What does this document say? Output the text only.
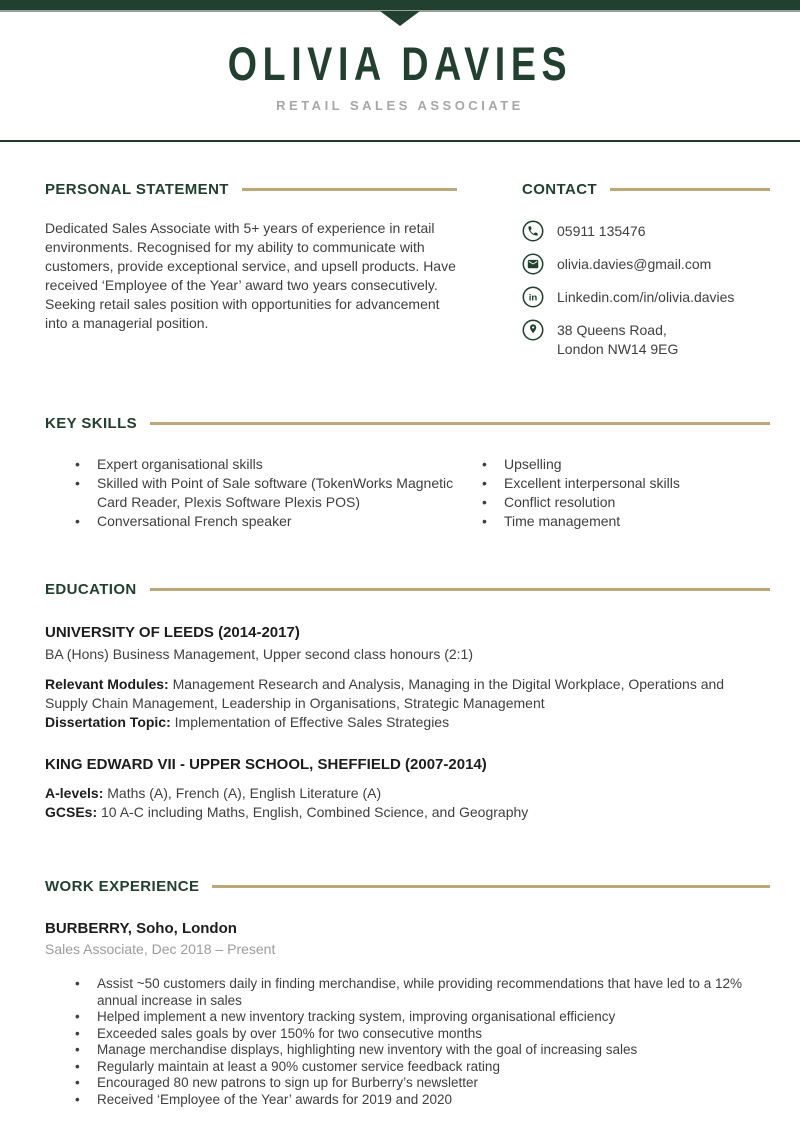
OLIVIA DAVIES
RETAIL SALES ASSOCIATE
PERSONAL STATEMENT

Dedicated Sales Associate with 5+ years of experience in retail environments. Recognised for my ability to communicate with customers, provide exceptional service, and upsell products. Have received ‘Employee of the Year’ award two years consecutively. Seeking retail sales position with opportunities for advancement into a managerial position.

CONTACT
05911 135476
olivia.davies@gmail.com
in Linkedin.com/in/olivia.davies
38 Queens Road,
London NW14 9EG
KEY SKILLS
• Expert organisational skills
• Skilled with Point of Sale software (TokenWorks Magnetic Card Reader, Plexis Software Plexis POS)
• Conversational French speaker
• Upselling
• Excellent interpersonal skills
• Conflict resolution
• Time management
EDUCATION

UNIVERSITY OF LEEDS (2014-2017)

BA (Hons) Business Management, Upper second class honours (2:1)

Relevant Modules: Management Research and Analysis, Managing in the Digital Workplace, Operations and Supply Chain Management, Leadership in Organisations, Strategic Management

Dissertation Topic: Implementation of Effective Sales Strategies

KING EDWARD VII - UPPER SCHOOL, SHEFFIELD (2007-2014)

A-levels: Maths (A), French (A), English Literature (A)

GCSEs: 10 A-C including Maths, English, Combined Science, and Geography

WORK EXPERIENCE

BURBERRY, Soho, London

Sales Associate, Dec 2018 – Present

• Assist ~50 customers daily in finding merchandise, while providing recommendations that have led to a 12% annual increase in sales
• Helped implement a new inventory tracking system, improving organisational efficiency
• Exceeded sales goals by over 150% for two consecutive months
• Manage merchandise displays, highlighting new inventory with the goal of increasing sales
• Regularly maintain at least a 90% customer service feedback rating
• Encouraged 80 new patrons to sign up for Burberry’s newsletter
• Received ‘Employee of the Year’ awards for 2019 and 2020
